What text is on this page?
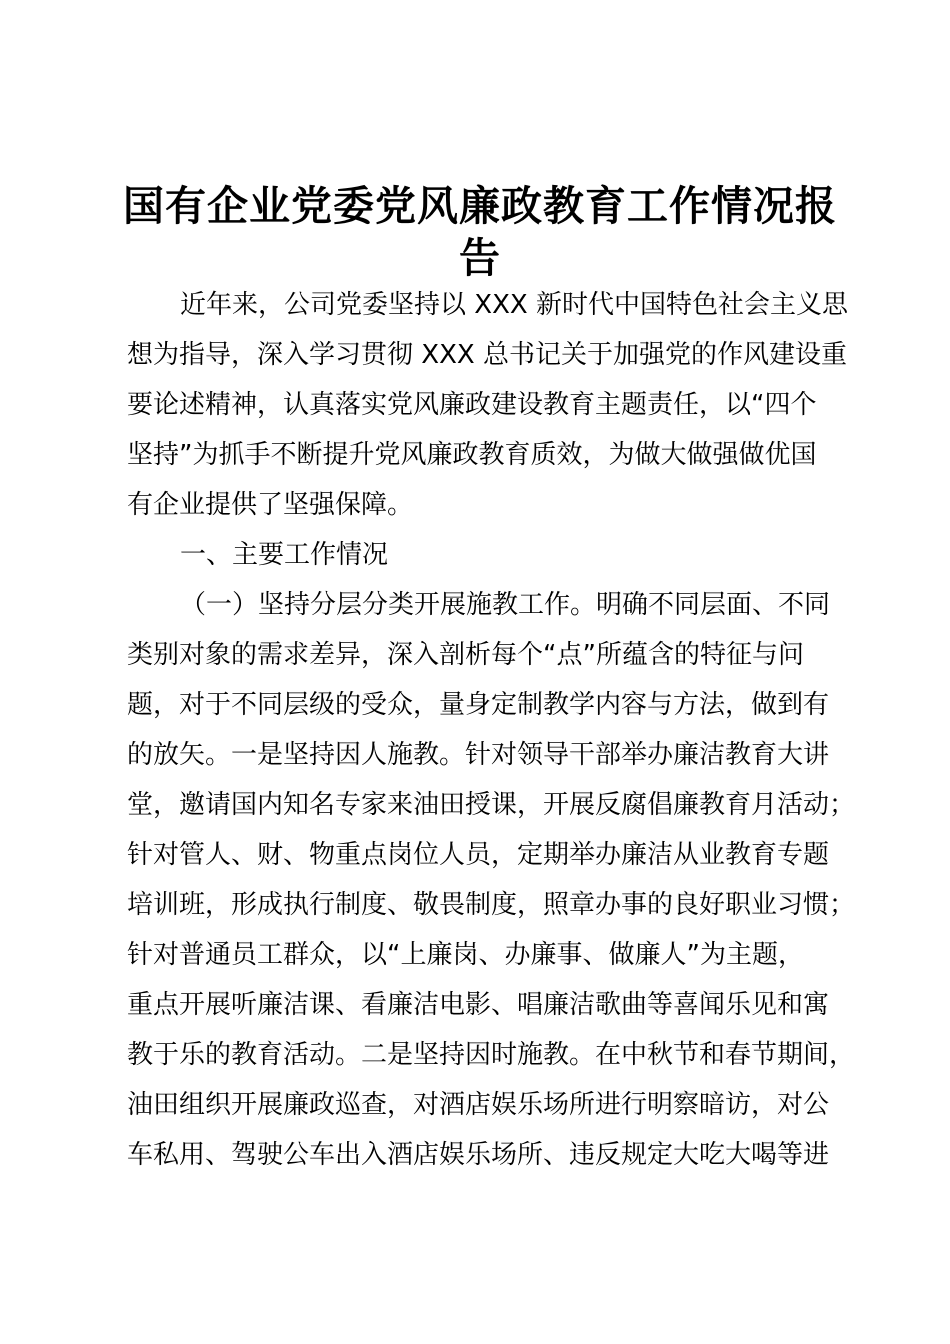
国有企业党委党风廉政教育工作情况报
告

近年来，公司党委坚持以 XXX 新时代中国特色社会主义思

想为指导，深入学习贯彻 XXX 总书记关于加强党的作风建设重

要论述精神，认真落实党风廉政建设教育主题责任，以“四个

坚持”为抓手不断提升党风廉政教育质效，为做大做强做优国

有企业提供了坚强保障。

一、主要工作情况

（一）坚持分层分类开展施教工作。明确不同层面、不同

类别对象的需求差异，深入剖析每个“点”所蕴含的特征与问

题，对于不同层级的受众，量身定制教学内容与方法，做到有

的放矢。一是坚持因人施教。针对领导干部举办廉洁教育大讲

堂，邀请国内知名专家来油田授课，开展反腐倡廉教育月活动；

针对管人、财、物重点岗位人员，定期举办廉洁从业教育专题

培训班，形成执行制度、敬畏制度，照章办事的良好职业习惯；

针对普通员工群众，以“上廉岗、办廉事、做廉人”为主题，

重点开展听廉洁课、看廉洁电影、唱廉洁歌曲等喜闻乐见和寓

教于乐的教育活动。二是坚持因时施教。在中秋节和春节期间，

油田组织开展廉政巡查，对酒店娱乐场所进行明察暗访，对公

车私用、驾驶公车出入酒店娱乐场所、违反规定大吃大喝等进
